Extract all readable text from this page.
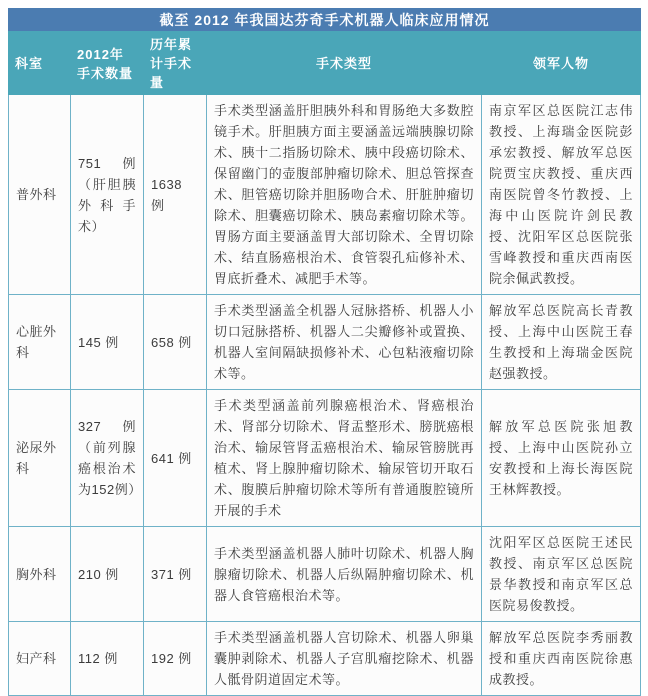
截至 2012 年我国达芬奇手术机器人临床应用情况				
科室	2012年手术数量	历年累计手术量	手术类型	领军人物
普外科	751 例（肝胆胰外科手术）	1638 例	手术类型涵盖肝胆胰外科和胃肠绝大多数腔镜手术。肝胆胰方面主要涵盖远端胰腺切除术、胰十二指肠切除术、胰中段癌切除术、保留幽门的壶腹部肿瘤切除术、胆总管探查术、胆管癌切除并胆肠吻合术、肝脏肿瘤切除术、胆囊癌切除术、胰岛素瘤切除术等。胃肠方面主要涵盖胃大部切除术、全胃切除术、结直肠癌根治术、食管裂孔疝修补术、胃底折叠术、减肥手术等。	南京军区总医院江志伟教授、上海瑞金医院彭承宏教授、解放军总医院贾宝庆教授、重庆西南医院曾冬竹教授、上海中山医院许剑民教授、沈阳军区总医院张雪峰教授和重庆西南医院余佩武教授。
心脏外科	145 例	658 例	手术类型涵盖全机器人冠脉搭桥、机器人小切口冠脉搭桥、机器人二尖瓣修补或置换、机器人室间隔缺损修补术、心包粘液瘤切除术等。	解放军总医院高长青教授、上海中山医院王春生教授和上海瑞金医院赵强教授。
泌尿外科	327 例（前列腺癌根治术为152例）	641 例	手术类型涵盖前列腺癌根治术、肾癌根治术、肾部分切除术、肾盂整形术、膀胱癌根治术、输尿管肾盂癌根治术、输尿管膀胱再植术、肾上腺肿瘤切除术、输尿管切开取石术、腹膜后肿瘤切除术等所有普通腹腔镜所开展的手术	解放军总医院张旭教授、上海中山医院孙立安教授和上海长海医院王林辉教授。
胸外科	210 例	371 例	手术类型涵盖机器人肺叶切除术、机器人胸腺瘤切除术、机器人后纵隔肿瘤切除术、机器人食管癌根治术等。	沈阳军区总医院王述民教授、南京军区总医院景华教授和南京军区总医院易俊教授。
妇产科	112 例	192 例	手术类型涵盖机器人宫切除术、机器人卵巢囊肿剥除术、机器人子宫肌瘤挖除术、机器人骶骨阴道固定术等。	解放军总医院李秀丽教授和重庆西南医院徐惠成教授。
